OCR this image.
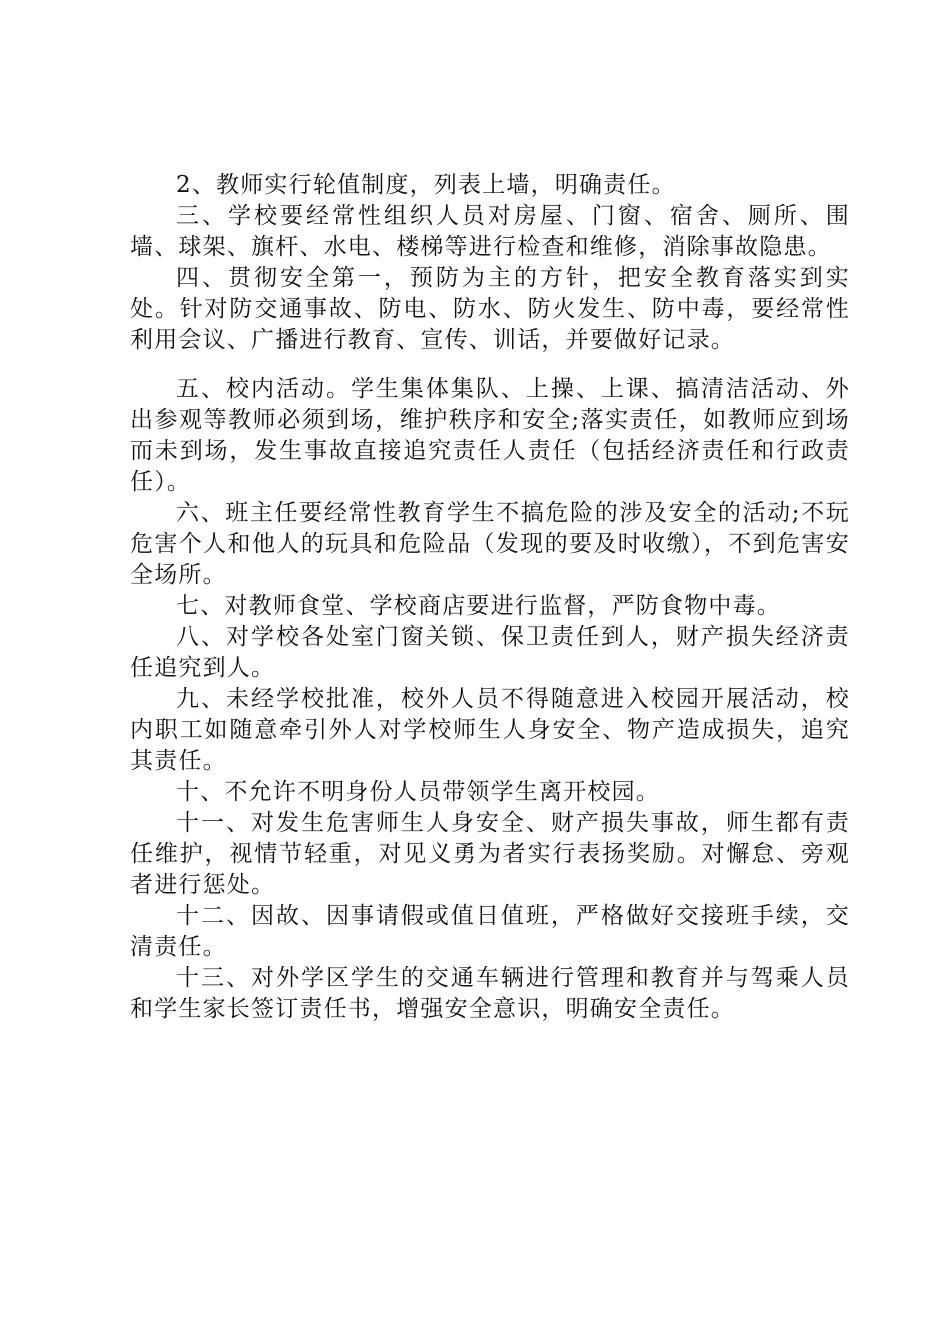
2、教师实行轮值制度，列表上墙，明确责任。

三、学校要经常性组织人员对房屋、门窗、宿舍、厕所、围墙、球架、旗杆、水电、楼梯等进行检查和维修，消除事故隐患。

四、贯彻安全第一，预防为主的方针，把安全教育落实到实处。针对防交通事故、防电、防水、防火发生、防中毒，要经常性利用会议、广播进行教育、宣传、训话，并要做好记录。

五、校内活动。学生集体集队、上操、上课、搞清洁活动、外出参观等教师必须到场，维护秩序和安全;落实责任，如教师应到场而未到场，发生事故直接追究责任人责任（包括经济责任和行政责任）。

六、班主任要经常性教育学生不搞危险的涉及安全的活动;不玩危害个人和他人的玩具和危险品（发现的要及时收缴），不到危害安全场所。

七、对教师食堂、学校商店要进行监督，严防食物中毒。

八、对学校各处室门窗关锁、保卫责任到人，财产损失经济责任追究到人。

九、未经学校批准，校外人员不得随意进入校园开展活动，校内职工如随意牵引外人对学校师生人身安全、物产造成损失，追究其责任。

十、不允许不明身份人员带领学生离开校园。

十一、对发生危害师生人身安全、财产损失事故，师生都有责任维护，视情节轻重，对见义勇为者实行表扬奖励。对懈怠、旁观者进行惩处。

十二、因故、因事请假或值日值班，严格做好交接班手续，交清责任。

十三、对外学区学生的交通车辆进行管理和教育并与驾乘人员和学生家长签订责任书，增强安全意识，明确安全责任。
